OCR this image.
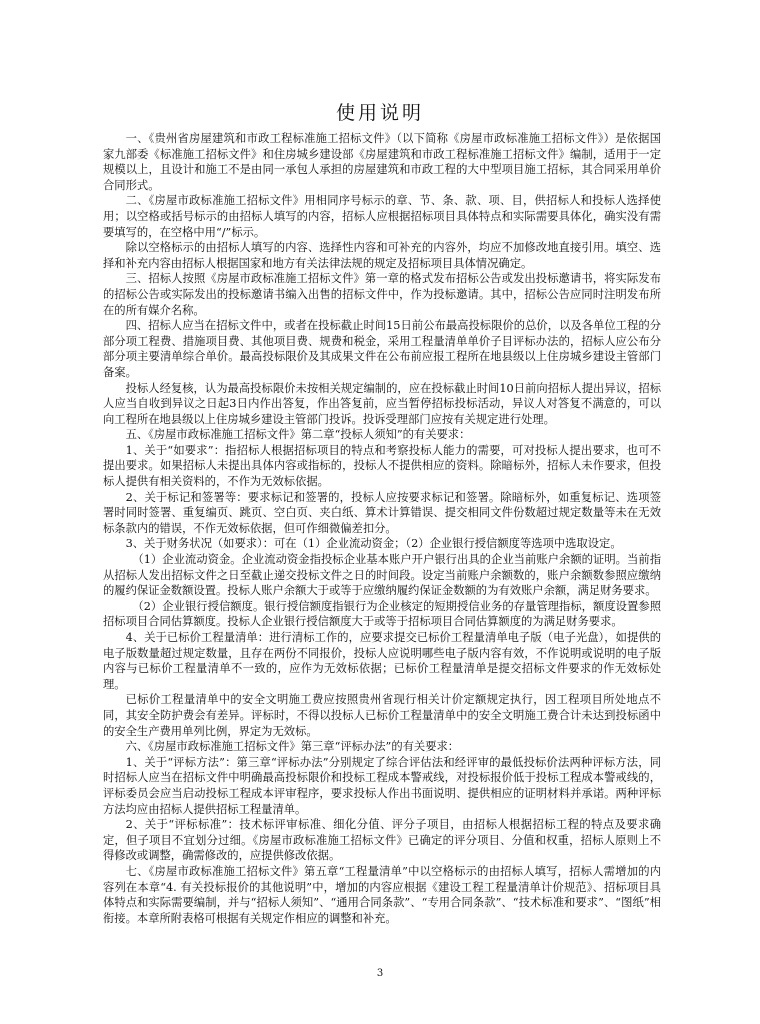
使用说明

一、《贵州省房屋建筑和市政工程标准施工招标文件》（以下简称《房屋市政标准施工招标文件》）是依据国家九部委《标准施工招标文件》和住房城乡建设部《房屋建筑和市政工程标准施工招标文件》编制，适用于一定规模以上，且设计和施工不是由同一承包人承担的房屋建筑和市政工程的大中型项目施工招标，其合同采用单价合同形式。

二、《房屋市政标准施工招标文件》用相同序号标示的章、节、条、款、项、目，供招标人和投标人选择使用；以空格或括号标示的由招标人填写的内容，招标人应根据招标项目具体特点和实际需要具体化，确实没有需要填写的，在空格中用“/”标示。

除以空格标示的由招标人填写的内容、选择性内容和可补充的内容外，均应不加修改地直接引用。填空、选择和补充内容由招标人根据国家和地方有关法律法规的规定及招标项目具体情况确定。

三、招标人按照《房屋市政标准施工招标文件》第一章的格式发布招标公告或发出投标邀请书，将实际发布的招标公告或实际发出的投标邀请书编入出售的招标文件中，作为投标邀请。其中，招标公告应同时注明发布所在的所有媒介名称。

四、招标人应当在招标文件中，或者在投标截止时间15日前公布最高投标限价的总价，以及各单位工程的分部分项工程费、措施项目费、其他项目费、规费和税金，采用工程量清单单价子目评标办法的，招标人应公布分部分项主要清单综合单价。最高投标限价及其成果文件在公布前应报工程所在地县级以上住房城乡建设主管部门备案。

投标人经复核，认为最高投标限价未按相关规定编制的，应在投标截止时间10日前向招标人提出异议，招标人应当自收到异议之日起3日内作出答复，作出答复前，应当暂停招标投标活动，异议人对答复不满意的，可以向工程所在地县级以上住房城乡建设主管部门投诉。投诉受理部门应按有关规定进行处理。

五、《房屋市政标准施工招标文件》第二章“投标人须知”的有关要求：

1、关于“如要求”：指招标人根据招标项目的特点和考察投标人能力的需要，可对投标人提出要求，也可不提出要求。如果招标人未提出具体内容或指标的，投标人不提供相应的资料。除暗标外，招标人未作要求，但投标人提供有相关资料的，不作为无效标依据。

2、关于标记和签署等：要求标记和签署的，投标人应按要求标记和签署。除暗标外，如重复标记、选项签署时同时签署、重复编页、跳页、空白页、夹白纸、算术计算错误、提交相同文件份数超过规定数量等未在无效标条款内的错误，不作无效标依据，但可作细微偏差扣分。

3、关于财务状况（如要求）：可在（1）企业流动资金；（2）企业银行授信额度等选项中选取设定。

（1）企业流动资金。企业流动资金指投标企业基本账户开户银行出具的企业当前账户余额的证明。当前指从招标人发出招标文件之日至截止递交投标文件之日的时间段。设定当前账户余额数的，账户余额数参照应缴纳的履约保证金数额设置。投标人账户余额大于或等于应缴纳履约保证金数额的为有效账户余额，满足财务要求。

（2）企业银行授信额度。银行授信额度指银行为企业核定的短期授信业务的存量管理指标，额度设置参照招标项目合同估算额度。投标人企业银行授信额度大于或等于招标项目合同估算额度的为满足财务要求。

4、关于已标价工程量清单：进行清标工作的，应要求提交已标价工程量清单电子版（电子光盘），如提供的电子版数量超过规定数量，且存在两份不同报价，投标人应说明哪些电子版内容有效，不作说明或说明的电子版内容与已标价工程量清单不一致的，应作为无效标依据；已标价工程量清单是提交招标文件要求的作无效标处理。

已标价工程量清单中的安全文明施工费应按照贵州省现行相关计价定额规定执行，因工程项目所处地点不同，其安全防护费会有差异。评标时，不得以投标人已标价工程量清单中的安全文明施工费合计未达到投标函中的安全生产费用单列比例，界定为无效标。

六、《房屋市政标准施工招标文件》第三章“评标办法”的有关要求：

1、关于“评标方法”：第三章“评标办法”分别规定了综合评估法和经评审的最低投标价法两种评标方法，同时招标人应当在招标文件中明确最高投标限价和投标工程成本警戒线，对投标报价低于投标工程成本警戒线的，评标委员会应当启动投标工程成本评审程序，要求投标人作出书面说明、提供相应的证明材料并承诺。两种评标方法均应由招标人提供招标工程量清单。

2、关于“评标标准”：技术标评审标准、细化分值、评分子项目，由招标人根据招标工程的特点及要求确定，但子项目不宜划分过细。《房屋市政标准施工招标文件》已确定的评分项目、分值和权重，招标人原则上不得修改或调整，确需修改的，应提供修改依据。

七、《房屋市政标准施工招标文件》第五章“工程量清单”中以空格标示的由招标人填写，招标人需增加的内容列在本章“4. 有关投标报价的其他说明”中，增加的内容应根据《建设工程工程量清单计价规范》、招标项目具体特点和实际需要编制，并与“招标人须知”、“通用合同条款”、“专用合同条款”、“技术标准和要求”、“图纸”相衔接。本章所附表格可根据有关规定作相应的调整和补充。

3
